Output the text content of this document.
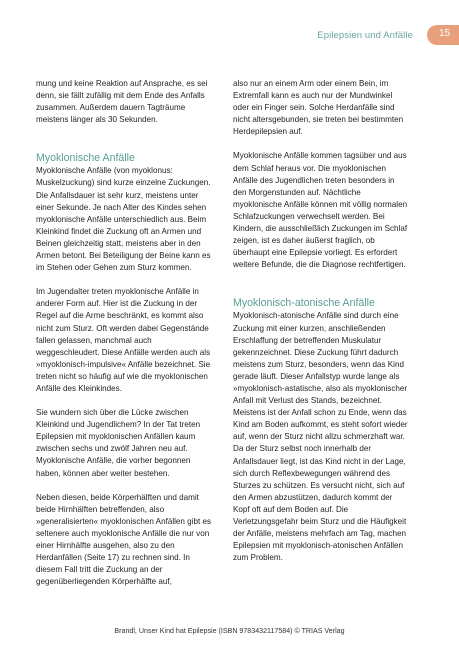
Epilepsien und Anfälle	15

mung und keine Reaktion auf Ansprache, es sei denn, sie fällt zufällig mit dem Ende des Anfalls zusammen. Außerdem dauern Tagträume meistens länger als 30 Sekunden.

Myoklonische Anfälle

Myoklonische Anfälle (von myoklonus: Muskelzuckung) sind kurze einzelne Zuckungen. Die Anfallsdauer ist sehr kurz, meistens unter einer Sekunde. Je nach Alter des Kindes sehen myoklonische Anfälle unterschiedlich aus. Beim Kleinkind findet die Zuckung oft an Armen und Beinen gleichzeitig statt, meistens aber in den Armen betont. Bei Beteiligung der Beine kann es im Stehen oder Gehen zum Sturz kommen.

Im Jugendalter treten myoklonische Anfälle in anderer Form auf. Hier ist die Zuckung in der Regel auf die Arme beschränkt, es kommt also nicht zum Sturz. Oft werden dabei Gegenstände fallen gelassen, manchmal auch weggeschleudert. Diese Anfälle werden auch als »myoklonisch-impulsive« Anfälle bezeichnet. Sie treten nicht so häufig auf wie die myoklonischen Anfälle des Kleinkindes.

Sie wundern sich über die Lücke zwischen Kleinkind und Jugendlichem? In der Tat treten Epilepsien mit myoklonischen Anfällen kaum zwischen sechs und zwölf Jahren neu auf. Myoklonische Anfälle, die vorher begonnen haben, können aber weiter bestehen.

Neben diesen, beide Körperhälften und damit beide Hirnhälften betreffenden, also »generalisierten« myoklonischen Anfällen gibt es seltenere auch myoklonische Anfälle die nur von einer Hirnhälfte ausgehen, also zu den Herdanfällen (Seite 17) zu rechnen sind. In diesem Fall tritt die Zuckung an der gegenüberliegenden Körperhälfte auf,

also nur an einem Arm oder einem Bein, im Extremfall kann es auch nur der Mundwinkel oder ein Finger sein. Solche Herdanfälle sind nicht altersgebunden, sie treten bei bestimmten Herdepilepsien auf.

Myoklonische Anfälle kommen tagsüber und aus dem Schlaf heraus vor. Die myoklonischen Anfälle des Jugendlichen treten besonders in den Morgenstunden auf. Nächtliche myoklonische Anfälle können mit völlig normalen Schlafzuckungen verwechselt werden. Bei Kindern, die ausschließlich Zuckungen im Schlaf zeigen, ist es daher äußerst fraglich, ob überhaupt eine Epilepsie vorliegt. Es erfordert weitere Befunde, die die Diagnose rechtfertigen.

Myoklonisch-atonische Anfälle

Myoklonisch-atonische Anfälle sind durch eine Zuckung mit einer kurzen, anschließenden Erschlaffung der betreffenden Muskulatur gekennzeichnet. Diese Zuckung führt dadurch meistens zum Sturz, besonders, wenn das Kind gerade läuft. Dieser Anfallstyp wurde lange als »myoklonisch-astatische, also als myoklonischer Anfall mit Verlust des Stands, bezeichnet. Meistens ist der Anfall schon zu Ende, wenn das Kind am Boden aufkommt, es steht sofort wieder auf, wenn der Sturz nicht allzu schmerzhaft war. Da der Sturz selbst noch innerhalb der Anfallsdauer liegt, ist das Kind nicht in der Lage, sich durch Reflexbewegungen während des Sturzes zu schützen. Es versucht nicht, sich auf den Armen abzustützen, dadurch kommt der Kopf oft auf dem Boden auf. Die Verletzungsgefahr beim Sturz und die Häufigkeit der Anfälle, meistens mehrfach am Tag, machen Epilepsien mit myoklonisch-atonischen Anfällen zum Problem.

Brandl, Unser Kind hat Epilepsie (ISBN 9783432117584) © TRIAS Verlag
